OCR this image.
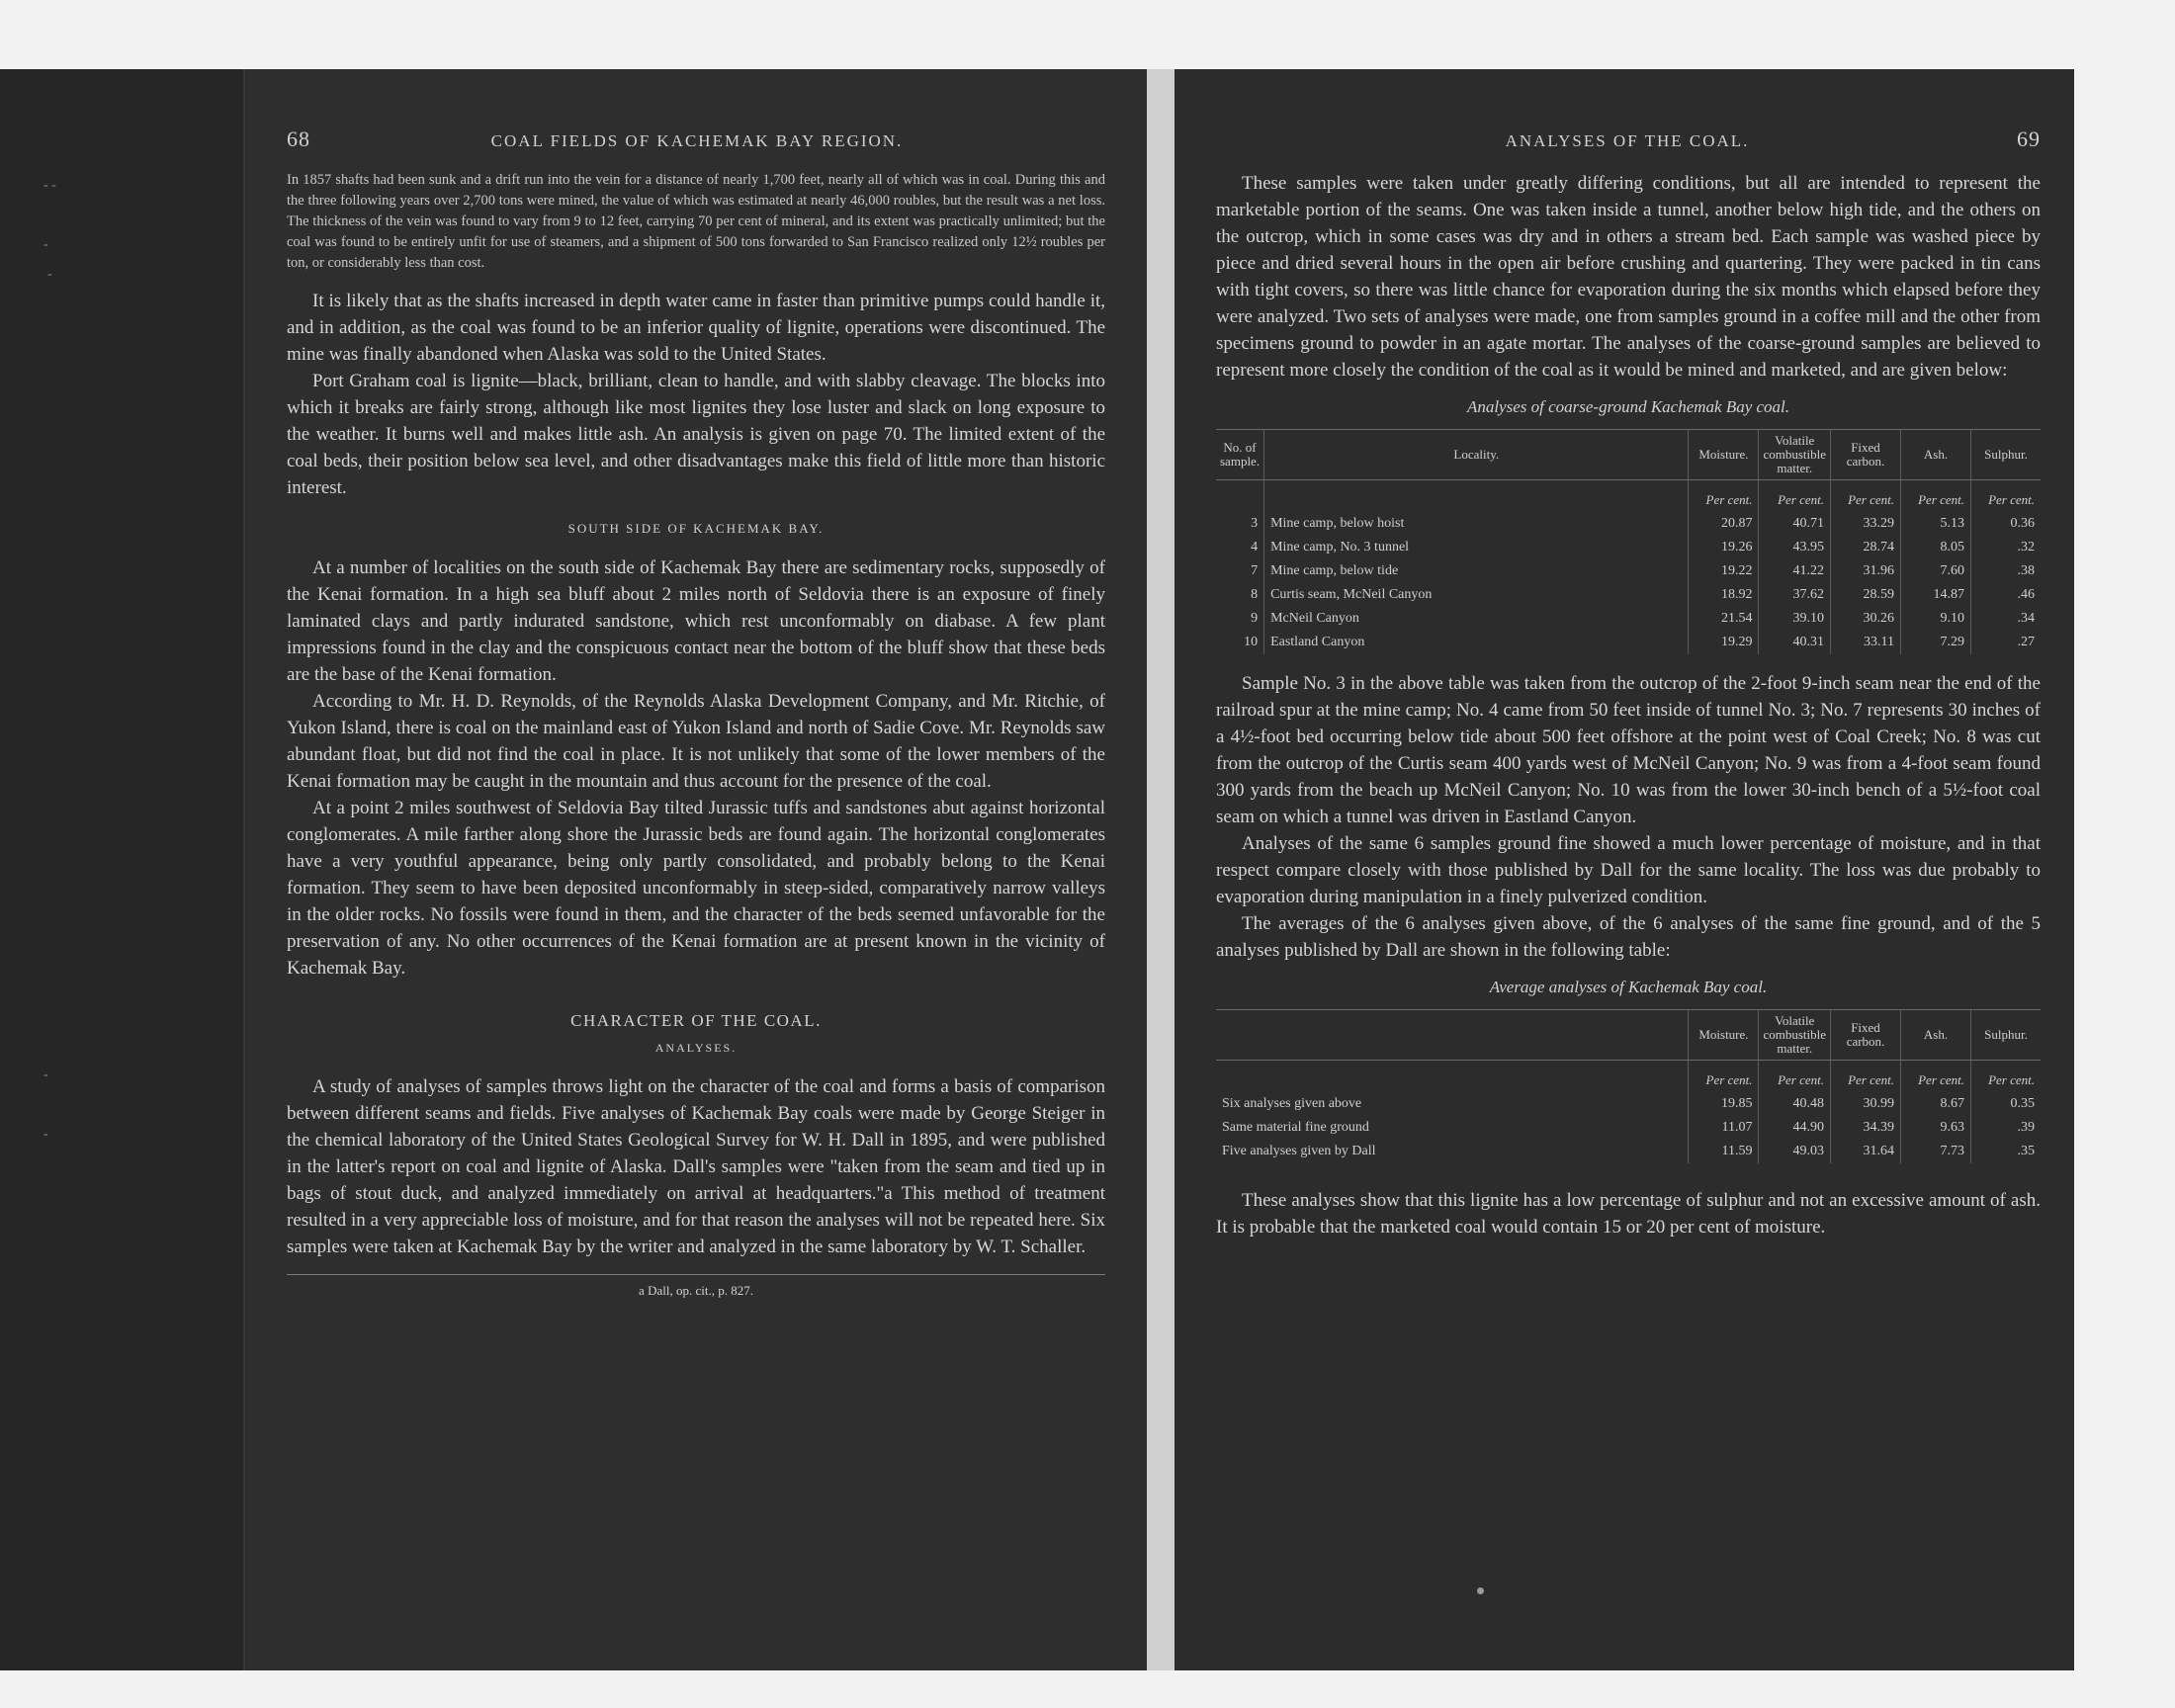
- -
-
-
-
-
68	COAL FIELDS OF KACHEMAK BAY REGION.

In 1857 shafts had been sunk and a drift run into the vein for a distance of nearly 1,700 feet, nearly all of which was in coal. During this and the three following years over 2,700 tons were mined, the value of which was estimated at nearly 46,000 roubles, but the result was a net loss. The thickness of the vein was found to vary from 9 to 12 feet, carrying 70 per cent of mineral, and its extent was practically unlimited; but the coal was found to be entirely unfit for use of steamers, and a shipment of 500 tons forwarded to San Francisco realized only 12½ roubles per ton, or considerably less than cost.

It is likely that as the shafts increased in depth water came in faster than primitive pumps could handle it, and in addition, as the coal was found to be an inferior quality of lignite, operations were discontinued. The mine was finally abandoned when Alaska was sold to the United States.

Port Graham coal is lignite—black, brilliant, clean to handle, and with slabby cleavage. The blocks into which it breaks are fairly strong, although like most lignites they lose luster and slack on long exposure to the weather. It burns well and makes little ash. An analysis is given on page 70. The limited extent of the coal beds, their position below sea level, and other disadvantages make this field of little more than historic interest.

SOUTH SIDE OF KACHEMAK BAY.

At a number of localities on the south side of Kachemak Bay there are sedimentary rocks, supposedly of the Kenai formation. In a high sea bluff about 2 miles north of Seldovia there is an exposure of finely laminated clays and partly indurated sandstone, which rest unconformably on diabase. A few plant impressions found in the clay and the conspicuous contact near the bottom of the bluff show that these beds are the base of the Kenai formation.

According to Mr. H. D. Reynolds, of the Reynolds Alaska Development Company, and Mr. Ritchie, of Yukon Island, there is coal on the mainland east of Yukon Island and north of Sadie Cove. Mr. Reynolds saw abundant float, but did not find the coal in place. It is not unlikely that some of the lower members of the Kenai formation may be caught in the mountain and thus account for the presence of the coal.

At a point 2 miles southwest of Seldovia Bay tilted Jurassic tuffs and sandstones abut against horizontal conglomerates. A mile farther along shore the Jurassic beds are found again. The horizontal conglomerates have a very youthful appearance, being only partly consolidated, and probably belong to the Kenai formation. They seem to have been deposited unconformably in steep-sided, comparatively narrow valleys in the older rocks. No fossils were found in them, and the character of the beds seemed unfavorable for the preservation of any. No other occurrences of the Kenai formation are at present known in the vicinity of Kachemak Bay.

CHARACTER OF THE COAL.
ANALYSES.

A study of analyses of samples throws light on the character of the coal and forms a basis of comparison between different seams and fields. Five analyses of Kachemak Bay coals were made by George Steiger in the chemical laboratory of the United States Geological Survey for W. H. Dall in 1895, and were published in the latter's report on coal and lignite of Alaska. Dall's samples were "taken from the seam and tied up in bags of stout duck, and analyzed immediately on arrival at headquarters."a This method of treatment resulted in a very appreciable loss of moisture, and for that reason the analyses will not be repeated here. Six samples were taken at Kachemak Bay by the writer and analyzed in the same laboratory by W. T. Schaller.

a Dall, op. cit., p. 827.
ANALYSES OF THE COAL.	69

These samples were taken under greatly differing conditions, but all are intended to represent the marketable portion of the seams. One was taken inside a tunnel, another below high tide, and the others on the outcrop, which in some cases was dry and in others a stream bed. Each sample was washed piece by piece and dried several hours in the open air before crushing and quartering. They were packed in tin cans with tight covers, so there was little chance for evaporation during the six months which elapsed before they were analyzed. Two sets of analyses were made, one from samples ground in a coffee mill and the other from specimens ground to powder in an agate mortar. The analyses of the coarse-ground samples are believed to represent more closely the condition of the coal as it would be mined and marketed, and are given below:

Analyses of coarse-ground Kachemak Bay coal.
No. of sample.	Locality.	Moisture.	Volatile combustible matter.	Fixed carbon.	Ash.	Sulphur.
		Per cent.	Per cent.	Per cent.	Per cent.	Per cent.
3	Mine camp, below hoist	20.87	40.71	33.29	5.13	0.36
4	Mine camp, No. 3 tunnel	19.26	43.95	28.74	8.05	.32
7	Mine camp, below tide	19.22	41.22	31.96	7.60	.38
8	Curtis seam, McNeil Canyon	18.92	37.62	28.59	14.87	.46
9	McNeil Canyon	21.54	39.10	30.26	9.10	.34
10	Eastland Canyon	19.29	40.31	33.11	7.29	.27

Sample No. 3 in the above table was taken from the outcrop of the 2-foot 9-inch seam near the end of the railroad spur at the mine camp; No. 4 came from 50 feet inside of tunnel No. 3; No. 7 represents 30 inches of a 4½-foot bed occurring below tide about 500 feet offshore at the point west of Coal Creek; No. 8 was cut from the outcrop of the Curtis seam 400 yards west of McNeil Canyon; No. 9 was from a 4-foot seam found 300 yards from the beach up McNeil Canyon; No. 10 was from the lower 30-inch bench of a 5½-foot coal seam on which a tunnel was driven in Eastland Canyon.

Analyses of the same 6 samples ground fine showed a much lower percentage of moisture, and in that respect compare closely with those published by Dall for the same locality. The loss was due probably to evaporation during manipulation in a finely pulverized condition.

The averages of the 6 analyses given above, of the 6 analyses of the same fine ground, and of the 5 analyses published by Dall are shown in the following table:

Average analyses of Kachemak Bay coal.
	Moisture.	Volatile combustible matter.	Fixed carbon.	Ash.	Sulphur.
	Per cent.	Per cent.	Per cent.	Per cent.	Per cent.
Six analyses given above	19.85	40.48	30.99	8.67	0.35
Same material fine ground	11.07	44.90	34.39	9.63	.39
Five analyses given by Dall	11.59	49.03	31.64	7.73	.35

These analyses show that this lignite has a low percentage of sulphur and not an excessive amount of ash. It is probable that the marketed coal would contain 15 or 20 per cent of moisture.
